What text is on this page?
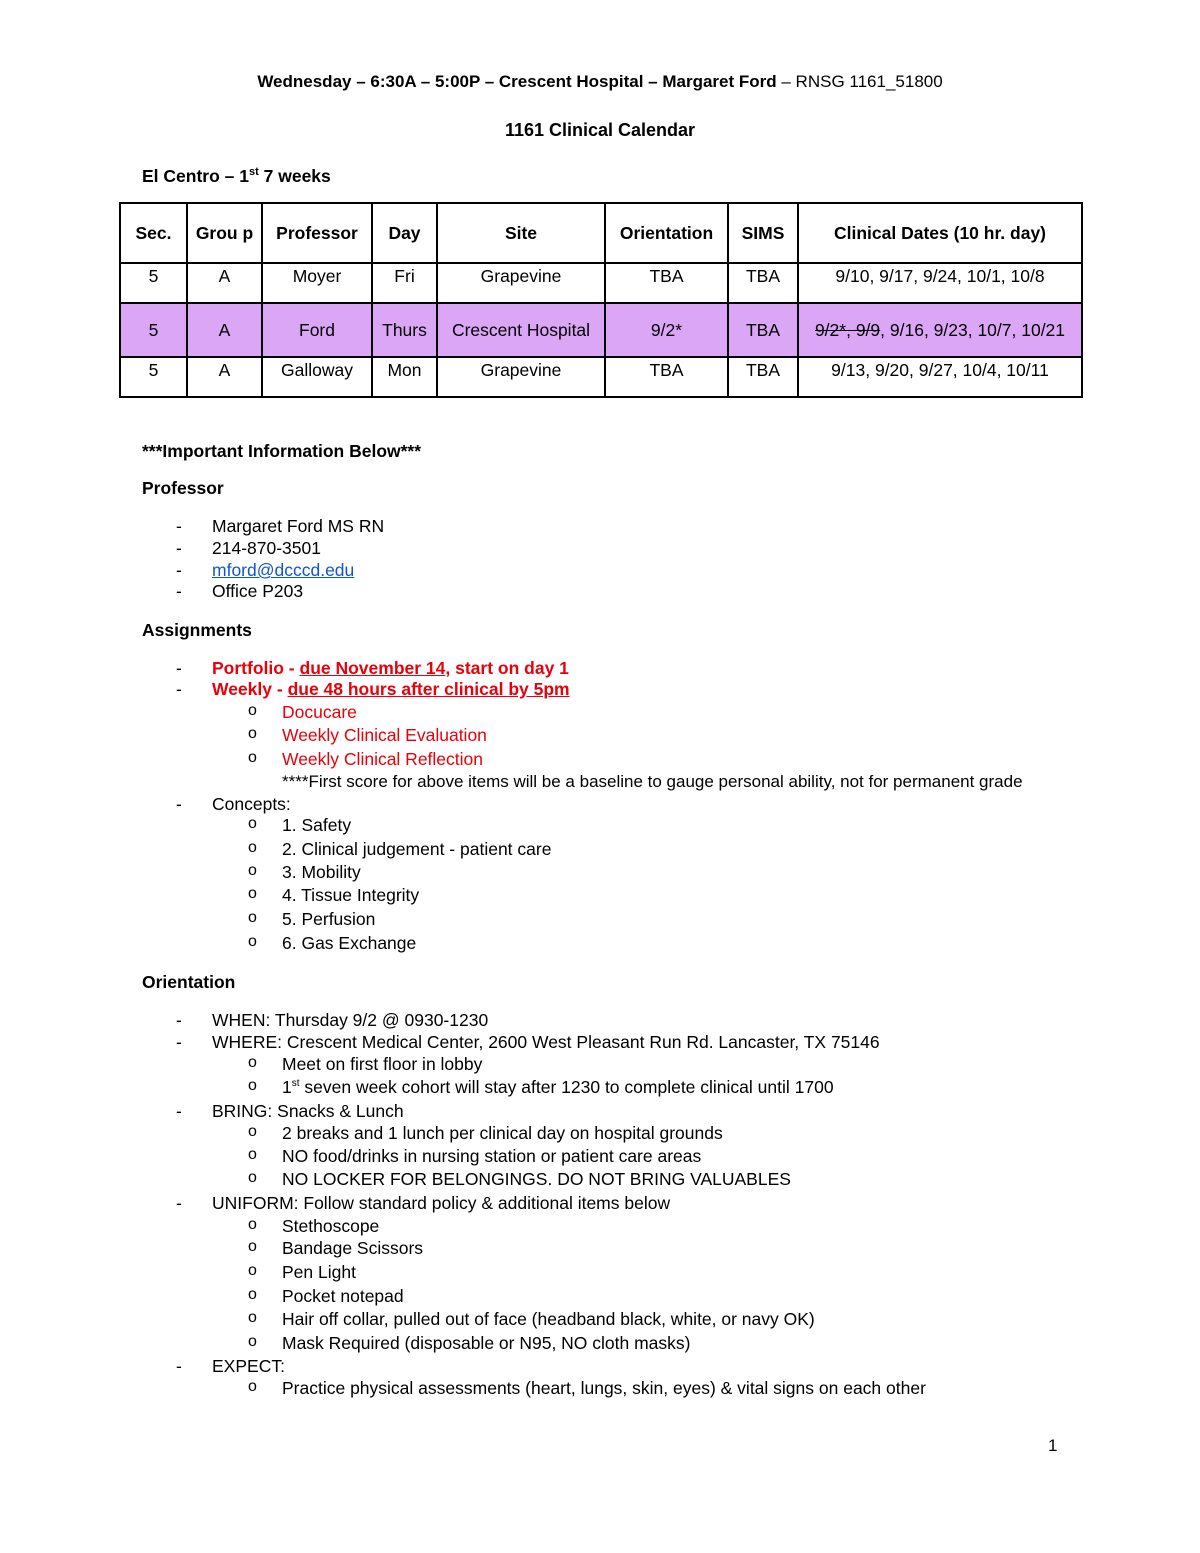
Wednesday – 6:30A – 5:00P – Crescent Hospital – Margaret Ford – RNSG 1161_51800
1161 Clinical Calendar
El Centro – 1st 7 weeks
Sec.	Grou p	Professor	Day	Site	Orientation	SIMS	Clinical Dates (10 hr. day)
5	A	Moyer	Fri	Grapevine	TBA	TBA	9/10, 9/17, 9/24, 10/1, 10/8
5	A	Ford	Thurs	Crescent Hospital	9/2*	TBA	9/2*, 9/9, 9/16, 9/23, 10/7, 10/21
5	A	Galloway	Mon	Grapevine	TBA	TBA	9/13, 9/20, 9/27, 10/4, 10/11
***Important Information Below***
Professor
- Margaret Ford MS RN
- 214-870-3501
- mford@dcccd.edu
- Office P203
Assignments
- Portfolio - due November 14, start on day 1
- Weekly - due 48 hours after clinical by 5pm
o Docucare
o Weekly Clinical Evaluation
o Weekly Clinical Reflection
****First score for above items will be a baseline to gauge personal ability, not for permanent grade
- Concepts:
o 1. Safety
o 2. Clinical judgement - patient care
o 3. Mobility
o 4. Tissue Integrity
o 5. Perfusion
o 6. Gas Exchange
Orientation
- WHEN: Thursday 9/2 @ 0930-1230
- WHERE: Crescent Medical Center, 2600 West Pleasant Run Rd. Lancaster, TX 75146
o Meet on first floor in lobby
o 1st seven week cohort will stay after 1230 to complete clinical until 1700
- BRING: Snacks & Lunch
o 2 breaks and 1 lunch per clinical day on hospital grounds
o NO food/drinks in nursing station or patient care areas
o NO LOCKER FOR BELONGINGS. DO NOT BRING VALUABLES
- UNIFORM: Follow standard policy & additional items below
o Stethoscope
o Bandage Scissors
o Pen Light
o Pocket notepad
o Hair off collar, pulled out of face (headband black, white, or navy OK)
o Mask Required (disposable or N95, NO cloth masks)
- EXPECT:
o Practice physical assessments (heart, lungs, skin, eyes) & vital signs on each other
1
